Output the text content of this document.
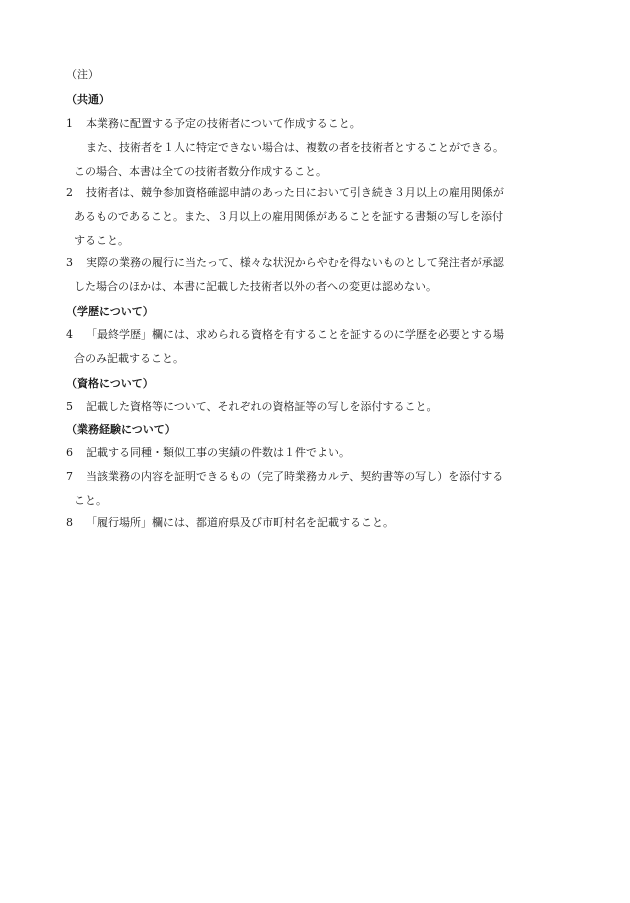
（注）
（共通）
1 本業務に配置する予定の技術者について作成すること。
また、技術者を１人に特定できない場合は、複数の者を技術者とすることができる。
この場合、本書は全ての技術者数分作成すること。
2 技術者は、競争参加資格確認申請のあった日において引き続き３月以上の雇用関係が
あるものであること。また、３月以上の雇用関係があることを証する書類の写しを添付
すること。
3 実際の業務の履行に当たって、様々な状況からやむを得ないものとして発注者が承認
した場合のほかは、本書に記載した技術者以外の者への変更は認めない。
（学歴について）
4 「最終学歴」欄には、求められる資格を有することを証するのに学歴を必要とする場
合のみ記載すること。
（資格について）
5 記載した資格等について、それぞれの資格証等の写しを添付すること。
（業務経験について）
6 記載する同種・類似工事の実績の件数は１件でよい。
7 当該業務の内容を証明できるもの（完了時業務カルテ、契約書等の写し）を添付する
こと。
8 「履行場所」欄には、都道府県及び市町村名を記載すること。
